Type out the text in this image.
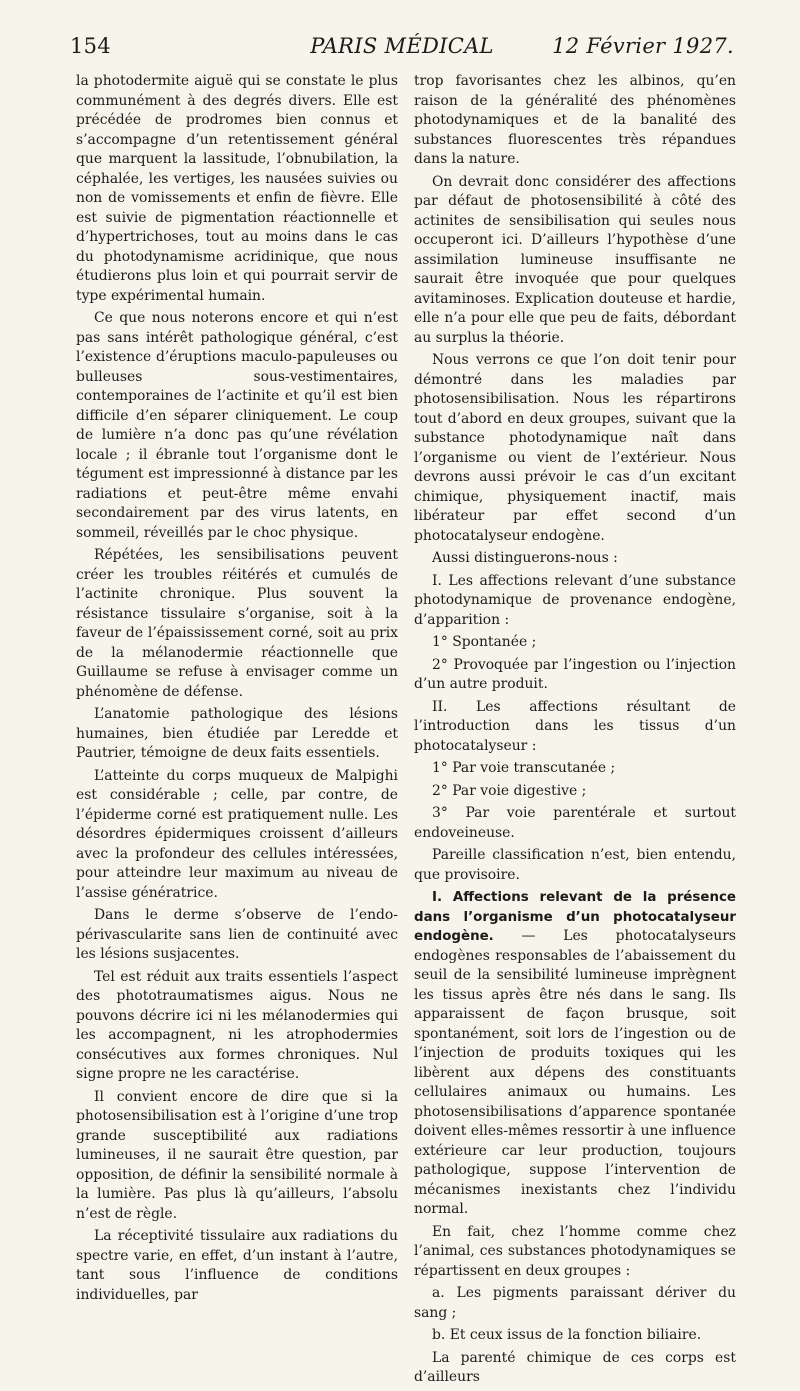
154	PARIS MÉDICAL	12 Février 1927.

la photodermite aiguë qui se constate le plus communément à des degrés divers. Elle est précédée de prodromes bien connus et s’accompagne d’un retentissement général que marquent la lassitude, l’obnubilation, la céphalée, les vertiges, les nausées suivies ou non de vomissements et enfin de fièvre. Elle est suivie de pigmentation réactionnelle et d’hypertrichoses, tout au moins dans le cas du photodynamisme acridinique, que nous étudierons plus loin et qui pourrait servir de type expérimental humain.

Ce que nous noterons encore et qui n’est pas sans intérêt pathologique général, c’est l’existence d’éruptions maculo-papuleuses ou bulleuses sous-vestimentaires, contemporaines de l’actinite et qu’il est bien difficile d’en séparer cliniquement. Le coup de lumière n’a donc pas qu’une révélation locale ; il ébranle tout l’organisme dont le tégument est impressionné à distance par les radiations et peut-être même envahi secondairement par des virus latents, en sommeil, réveillés par le choc physique.

Répétées, les sensibilisations peuvent créer les troubles réitérés et cumulés de l’actinite chronique. Plus souvent la résistance tissulaire s’organise, soit à la faveur de l’épaississement corné, soit au prix de la mélanodermie réactionnelle que Guillaume se refuse à envisager comme un phénomène de défense.

L’anatomie pathologique des lésions humaines, bien étudiée par Leredde et Pautrier, témoigne de deux faits essentiels.

L’atteinte du corps muqueux de Malpighi est considérable ; celle, par contre, de l’épiderme corné est pratiquement nulle. Les désordres épidermiques croissent d’ailleurs avec la profondeur des cellules intéressées, pour atteindre leur maximum au niveau de l’assise génératrice.

Dans le derme s’observe de l’endo-périvascularite sans lien de continuité avec les lésions susjacentes.

Tel est réduit aux traits essentiels l’aspect des phototraumatismes aigus. Nous ne pouvons décrire ici ni les mélanodermies qui les accompagnent, ni les atrophodermies consécutives aux formes chroniques. Nul signe propre ne les caractérise.

Il convient encore de dire que si la photosensibilisation est à l’origine d’une trop grande susceptibilité aux radiations lumineuses, il ne saurait être question, par opposition, de définir la sensibilité normale à la lumière. Pas plus là qu’ailleurs, l’absolu n’est de règle.

La réceptivité tissulaire aux radiations du spectre varie, en effet, d’un instant à l’autre, tant sous l’influence de conditions individuelles, par

trop favorisantes chez les albinos, qu’en raison de la généralité des phénomènes photodynamiques et de la banalité des substances fluorescentes très répandues dans la nature.

On devrait donc considérer des affections par défaut de photosensibilité à côté des actinites de sensibilisation qui seules nous occuperont ici. D’ailleurs l’hypothèse d’une assimilation lumineuse insuffisante ne saurait être invoquée que pour quelques avitaminoses. Explication douteuse et hardie, elle n’a pour elle que peu de faits, débordant au surplus la théorie.

Nous verrons ce que l’on doit tenir pour démontré dans les maladies par photosensibilisation. Nous les répartirons tout d’abord en deux groupes, suivant que la substance photodynamique naît dans l’organisme ou vient de l’extérieur. Nous devrons aussi prévoir le cas d’un excitant chimique, physiquement inactif, mais libérateur par effet second d’un photocatalyseur endogène.

Aussi distinguerons-nous :

I. Les affections relevant d’une substance photodynamique de provenance endogène, d’apparition :

1° Spontanée ;

2° Provoquée par l’ingestion ou l’injection d’un autre produit.

II. Les affections résultant de l’introduction dans les tissus d’un photocatalyseur :

1° Par voie transcutanée ;

2° Par voie digestive ;

3° Par voie parentérale et surtout endoveineuse.

Pareille classification n’est, bien entendu, que provisoire.

I. Affections relevant de la présence dans l’organisme d’un photocatalyseur endogène. — Les photocatalyseurs endogènes responsables de l’abaissement du seuil de la sensibilité lumineuse imprègnent les tissus après être nés dans le sang. Ils apparaissent de façon brusque, soit spontanément, soit lors de l’ingestion ou de l’injection de produits toxiques qui les libèrent aux dépens des constituants cellulaires animaux ou humains. Les photosensibilisations d’apparence spontanée doivent elles-mêmes ressortir à une influence extérieure car leur production, toujours pathologique, suppose l’intervention de mécanismes inexistants chez l’individu normal.

En fait, chez l’homme comme chez l’animal, ces substances photodynamiques se répartissent en deux groupes :

a. Les pigments paraissant dériver du sang ;

b. Et ceux issus de la fonction biliaire.

La parenté chimique de ces corps est d’ailleurs
